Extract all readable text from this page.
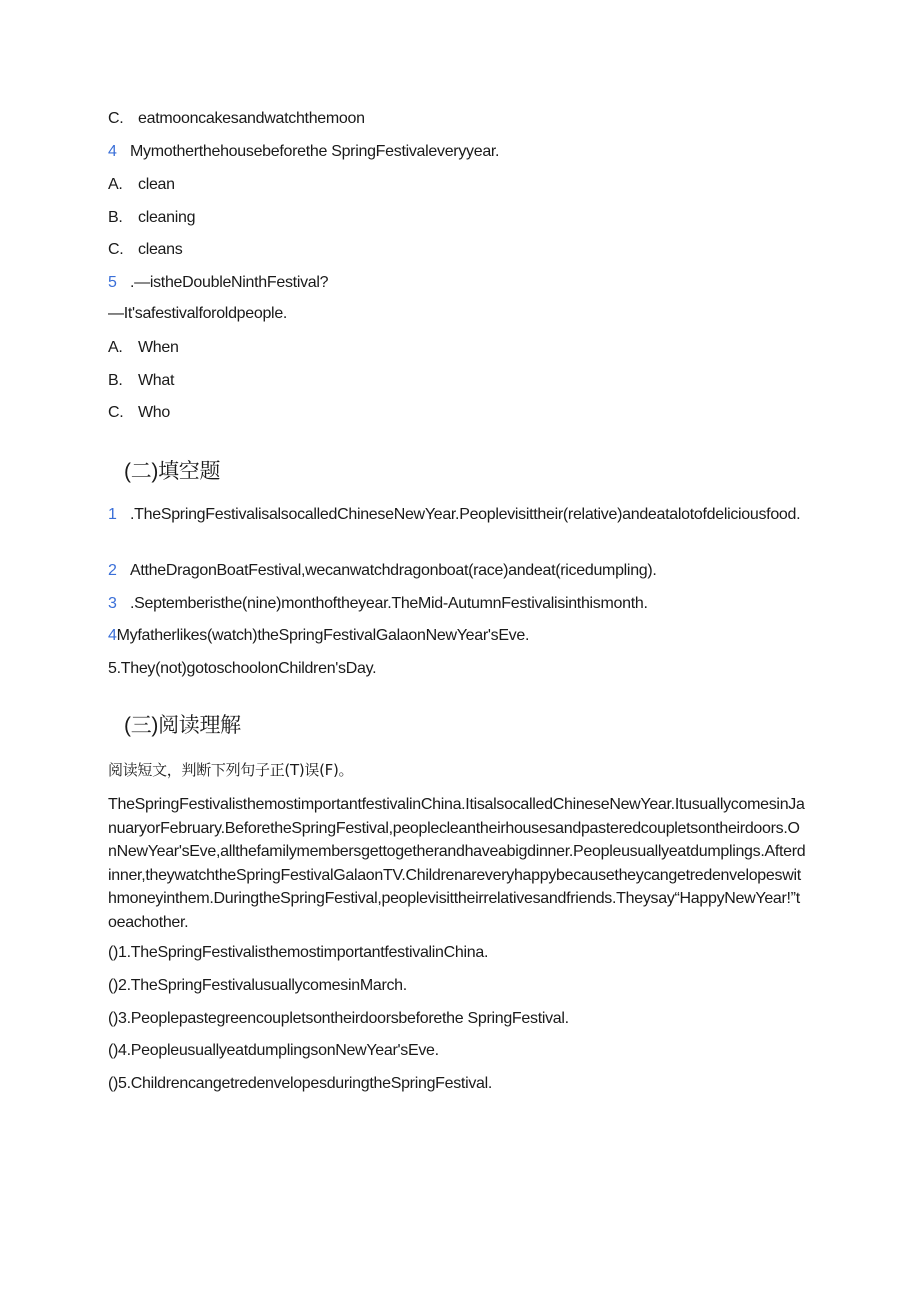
C. eatmooncakesandwatchthemoon
4 Mymotherthehousebeforethe SpringFestivaleveryyear.
A. clean
B. cleaning
C. cleans
5 .—istheDoubleNinthFestival?
—It'safestivalforoldpeople.
A. When
B. What
C. Who
(二)填空题
1 .TheSpringFestivalisalsocalledChineseNewYear.Peoplevisittheir(relative)andeatalotofdeliciousfood.
2 AttheDragonBoatFestival,wecanwatchdragonboat(race)andeat(ricedumpling).
3 .Septemberisthe(nine)monthoftheyear.TheMid-AutumnFestivalisinthismonth.
4Myfatherlikes(watch)theSpringFestivalGalaonNewYear'sEve.
5.They(not)gotoschoolonChildren'sDay.
(三)阅读理解
阅读短文，判断下列句子正(T)误(F)。
TheSpringFestivalisthemostimportantfestivalinChina.ItisalsocalledChineseNewYear.ItusuallycomesinJanuaryorFebruary.BeforetheSpringFestival,peoplecleantheirhousesandpasteredcoupletsontheirdoors.OnNewYear'sEve,allthefamilymembersgettogetherandhaveabigdinner.Peopleusuallyeatdumplings.Afterdinner,theywatchtheSpringFestivalGalaonTV.Childrenareveryhappybecausetheycangetredenvelopeswithmoneyinthem.DuringtheSpringFestival,peoplevisittheirrelativesandfriends.Theysay“HappyNewYear!”toeachother.
()1.TheSpringFestivalisthemostimportantfestivalinChina.
()2.TheSpringFestivalusuallycomesinMarch.
()3.Peoplepastegreencoupletsontheirdoorsbeforethe SpringFestival.
()4.PeopleusuallyeatdumplingsonNewYear'sEve.
()5.ChildrencangetredenvelopesduringtheSpringFestival.
